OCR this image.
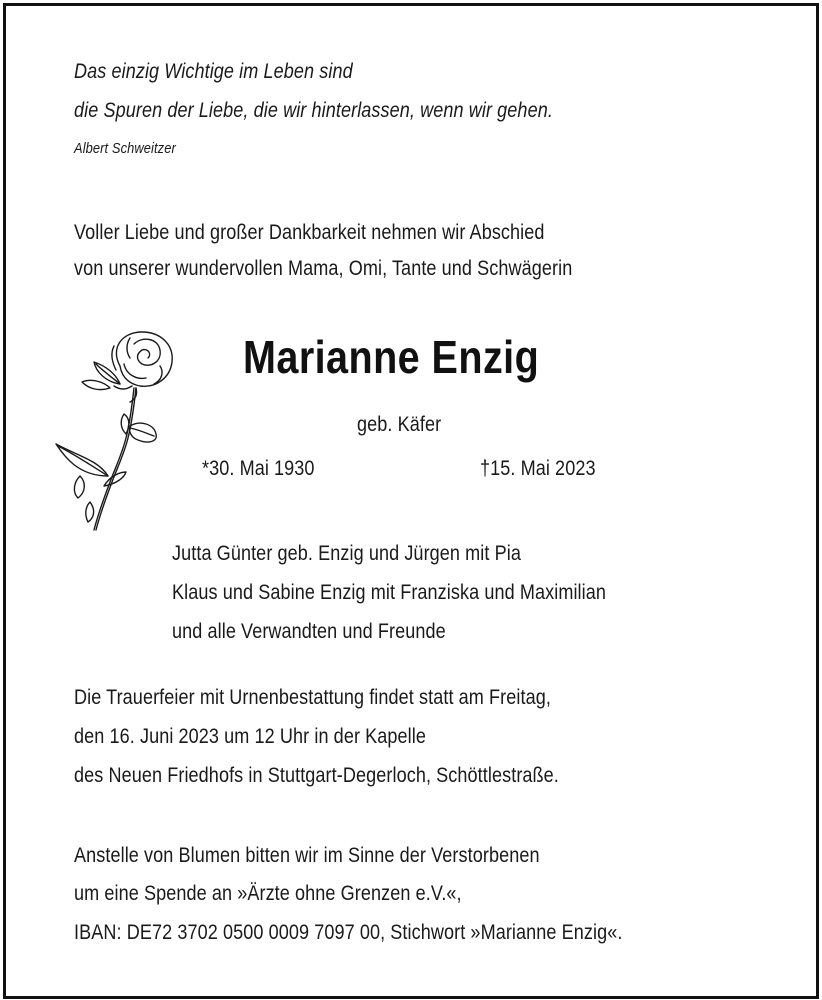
Das einzig Wichtige im Leben sind
die Spuren der Liebe, die wir hinterlassen, wenn wir gehen.
Albert Schweitzer
Voller Liebe und großer Dankbarkeit nehmen wir Abschied
von unserer wundervollen Mama, Omi, Tante und Schwägerin
Marianne Enzig
geb. Käfer
*30. Mai 1930	†15. Mai 2023
Jutta Günter geb. Enzig und Jürgen mit Pia
Klaus und Sabine Enzig mit Franziska und Maximilian
und alle Verwandten und Freunde
Die Trauerfeier mit Urnenbestattung findet statt am Freitag,
den 16. Juni 2023 um 12 Uhr in der Kapelle
des Neuen Friedhofs in Stuttgart-Degerloch, Schöttlestraße.
Anstelle von Blumen bitten wir im Sinne der Verstorbenen
um eine Spende an »Ärzte ohne Grenzen e.V.«,
IBAN: DE72 3702 0500 0009 7097 00, Stichwort »Marianne Enzig«.
